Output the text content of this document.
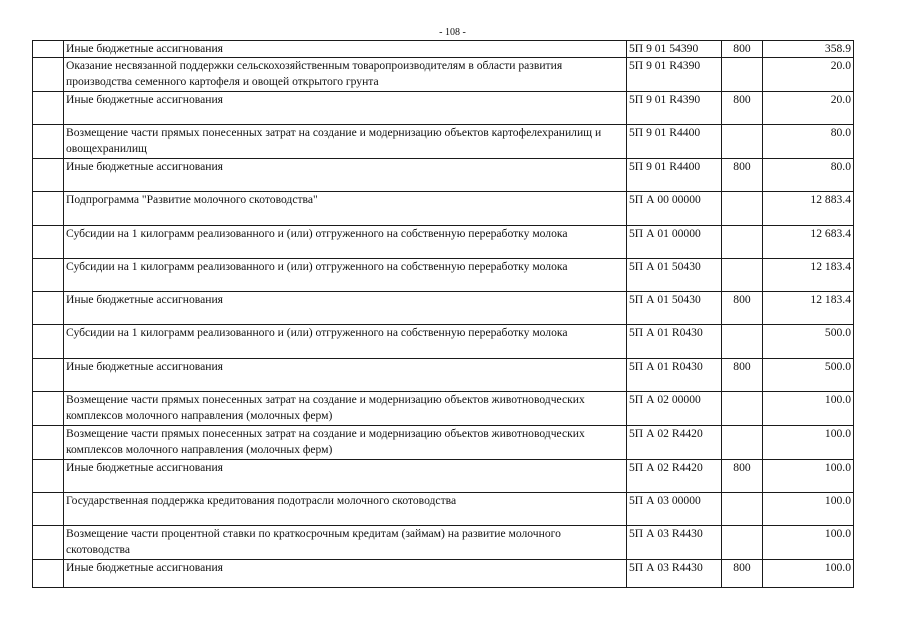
- 108 -
	Иные бюджетные ассигнования	5П 9 01 54390	800	358.9
	Оказание несвязанной поддержки сельскохозяйственным товаропроизводителям в области развития производства семенного картофеля и овощей открытого грунта	5П 9 01 R4390		20.0
	Иные бюджетные ассигнования	5П 9 01 R4390	800	20.0
	Возмещение части прямых понесенных затрат на создание и модернизацию объектов картофелехранилищ и овощехранилищ	5П 9 01 R4400		80.0
	Иные бюджетные ассигнования	5П 9 01 R4400	800	80.0
	Подпрограмма "Развитие молочного скотоводства"	5П А 00 00000		12 883.4
	Субсидии на 1 килограмм реализованного и (или) отгруженного на собственную переработку молока	5П А 01 00000		12 683.4
	Субсидии на 1 килограмм реализованного и (или) отгруженного на собственную переработку молока	5П А 01 50430		12 183.4
	Иные бюджетные ассигнования	5П А 01 50430	800	12 183.4
	Субсидии на 1 килограмм реализованного и (или) отгруженного на собственную переработку молока	5П А 01 R0430		500.0
	Иные бюджетные ассигнования	5П А 01 R0430	800	500.0
	Возмещение части прямых понесенных затрат на создание и модернизацию объектов животноводческих комплексов молочного направления (молочных ферм)	5П А 02 00000		100.0
	Возмещение части прямых понесенных затрат на создание и модернизацию объектов животноводческих комплексов молочного направления (молочных ферм)	5П А 02 R4420		100.0
	Иные бюджетные ассигнования	5П А 02 R4420	800	100.0
	Государственная поддержка кредитования подотрасли молочного скотоводства	5П А 03 00000		100.0
	Возмещение части процентной ставки по краткосрочным кредитам (займам) на развитие молочного скотоводства	5П А 03 R4430		100.0
	Иные бюджетные ассигнования	5П А 03 R4430	800	100.0
